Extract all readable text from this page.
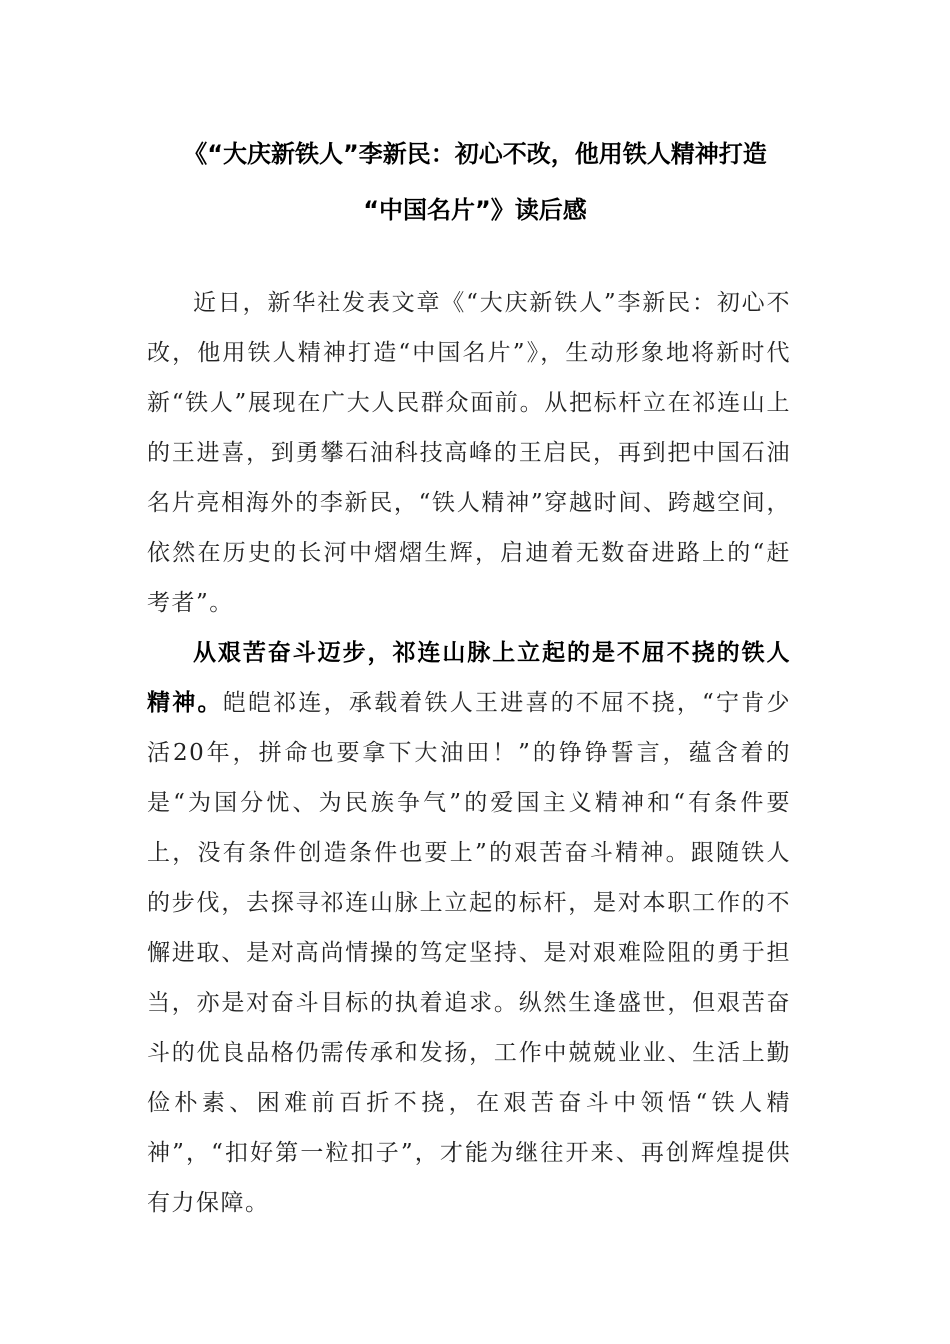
《“大庆新铁人”李新民：初心不改，他用铁人精神打造
“中国名片”》读后感

近日，新华社发表文章《“大庆新铁人”李新民：初心不改，他用铁人精神打造“中国名片”》，生动形象地将新时代新“铁人”展现在广大人民群众面前。从把标杆立在祁连山上的王进喜，到勇攀石油科技高峰的王启民，再到把中国石油名片亮相海外的李新民，“铁人精神”穿越时间、跨越空间，依然在历史的长河中熠熠生辉，启迪着无数奋进路上的“赶考者”。

从艰苦奋斗迈步，祁连山脉上立起的是不屈不挠的铁人精神。皑皑祁连，承载着铁人王进喜的不屈不挠，“宁肯少活20年，拼命也要拿下大油田！”的铮铮誓言，蕴含着的是“为国分忧、为民族争气”的爱国主义精神和“有条件要上，没有条件创造条件也要上”的艰苦奋斗精神。跟随铁人的步伐，去探寻祁连山脉上立起的标杆，是对本职工作的不懈进取、是对高尚情操的笃定坚持、是对艰难险阻的勇于担当，亦是对奋斗目标的执着追求。纵然生逢盛世，但艰苦奋斗的优良品格仍需传承和发扬，工作中兢兢业业、生活上勤俭朴素、困难前百折不挠，在艰苦奋斗中领悟“铁人精神”，“扣好第一粒扣子”，才能为继往开来、再创辉煌提供有力保障。
